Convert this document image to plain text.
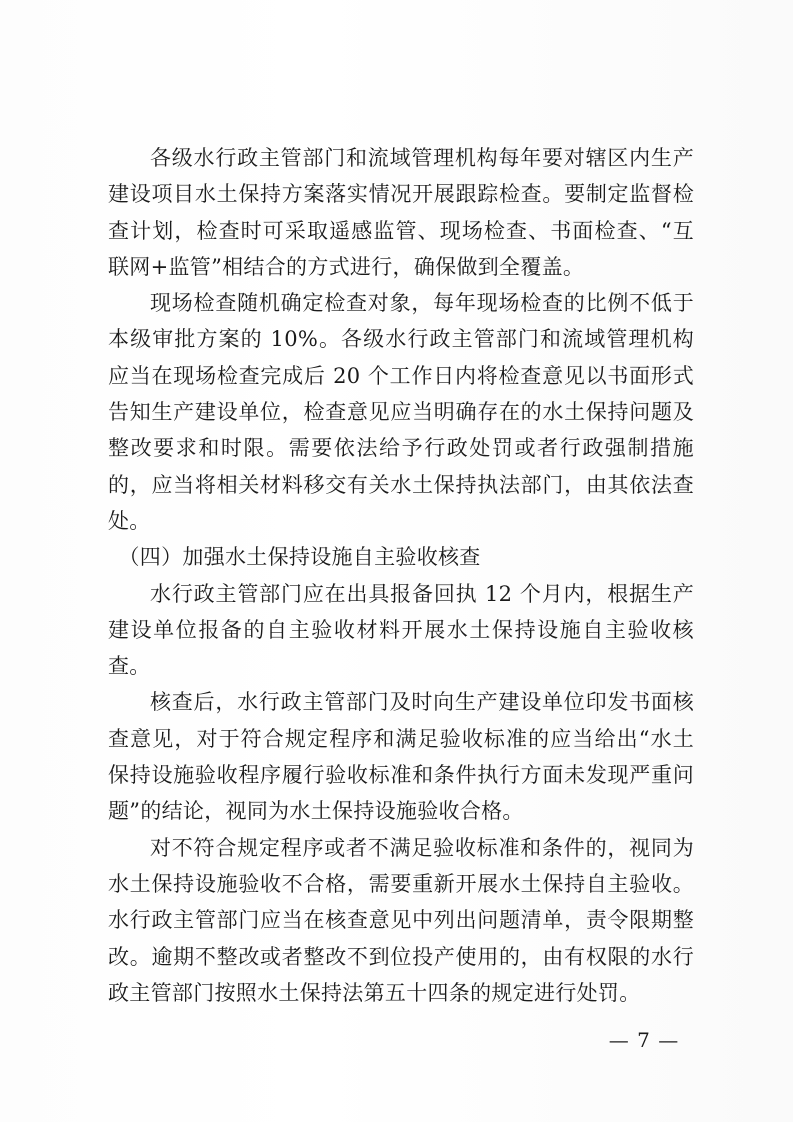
各级水行政主管部门和流域管理机构每年要对辖区内生产建设项目水土保持方案落实情况开展跟踪检查。要制定监督检查计划，检查时可采取遥感监管、现场检查、书面检查、“互联网+监管”相结合的方式进行，确保做到全覆盖。

现场检查随机确定检查对象，每年现场检查的比例不低于本级审批方案的 10%。各级水行政主管部门和流域管理机构应当在现场检查完成后 20 个工作日内将检查意见以书面形式告知生产建设单位，检查意见应当明确存在的水土保持问题及整改要求和时限。需要依法给予行政处罚或者行政强制措施的，应当将相关材料移交有关水土保持执法部门，由其依法查处。

（四）加强水土保持设施自主验收核查

水行政主管部门应在出具报备回执 12 个月内，根据生产建设单位报备的自主验收材料开展水土保持设施自主验收核查。

核查后，水行政主管部门及时向生产建设单位印发书面核查意见，对于符合规定程序和满足验收标准的应当给出“水土保持设施验收程序履行验收标准和条件执行方面未发现严重问题”的结论，视同为水土保持设施验收合格。

对不符合规定程序或者不满足验收标准和条件的，视同为水土保持设施验收不合格，需要重新开展水土保持自主验收。水行政主管部门应当在核查意见中列出问题清单，责令限期整改。逾期不整改或者整改不到位投产使用的，由有权限的水行政主管部门按照水土保持法第五十四条的规定进行处罚。

— 7 —
